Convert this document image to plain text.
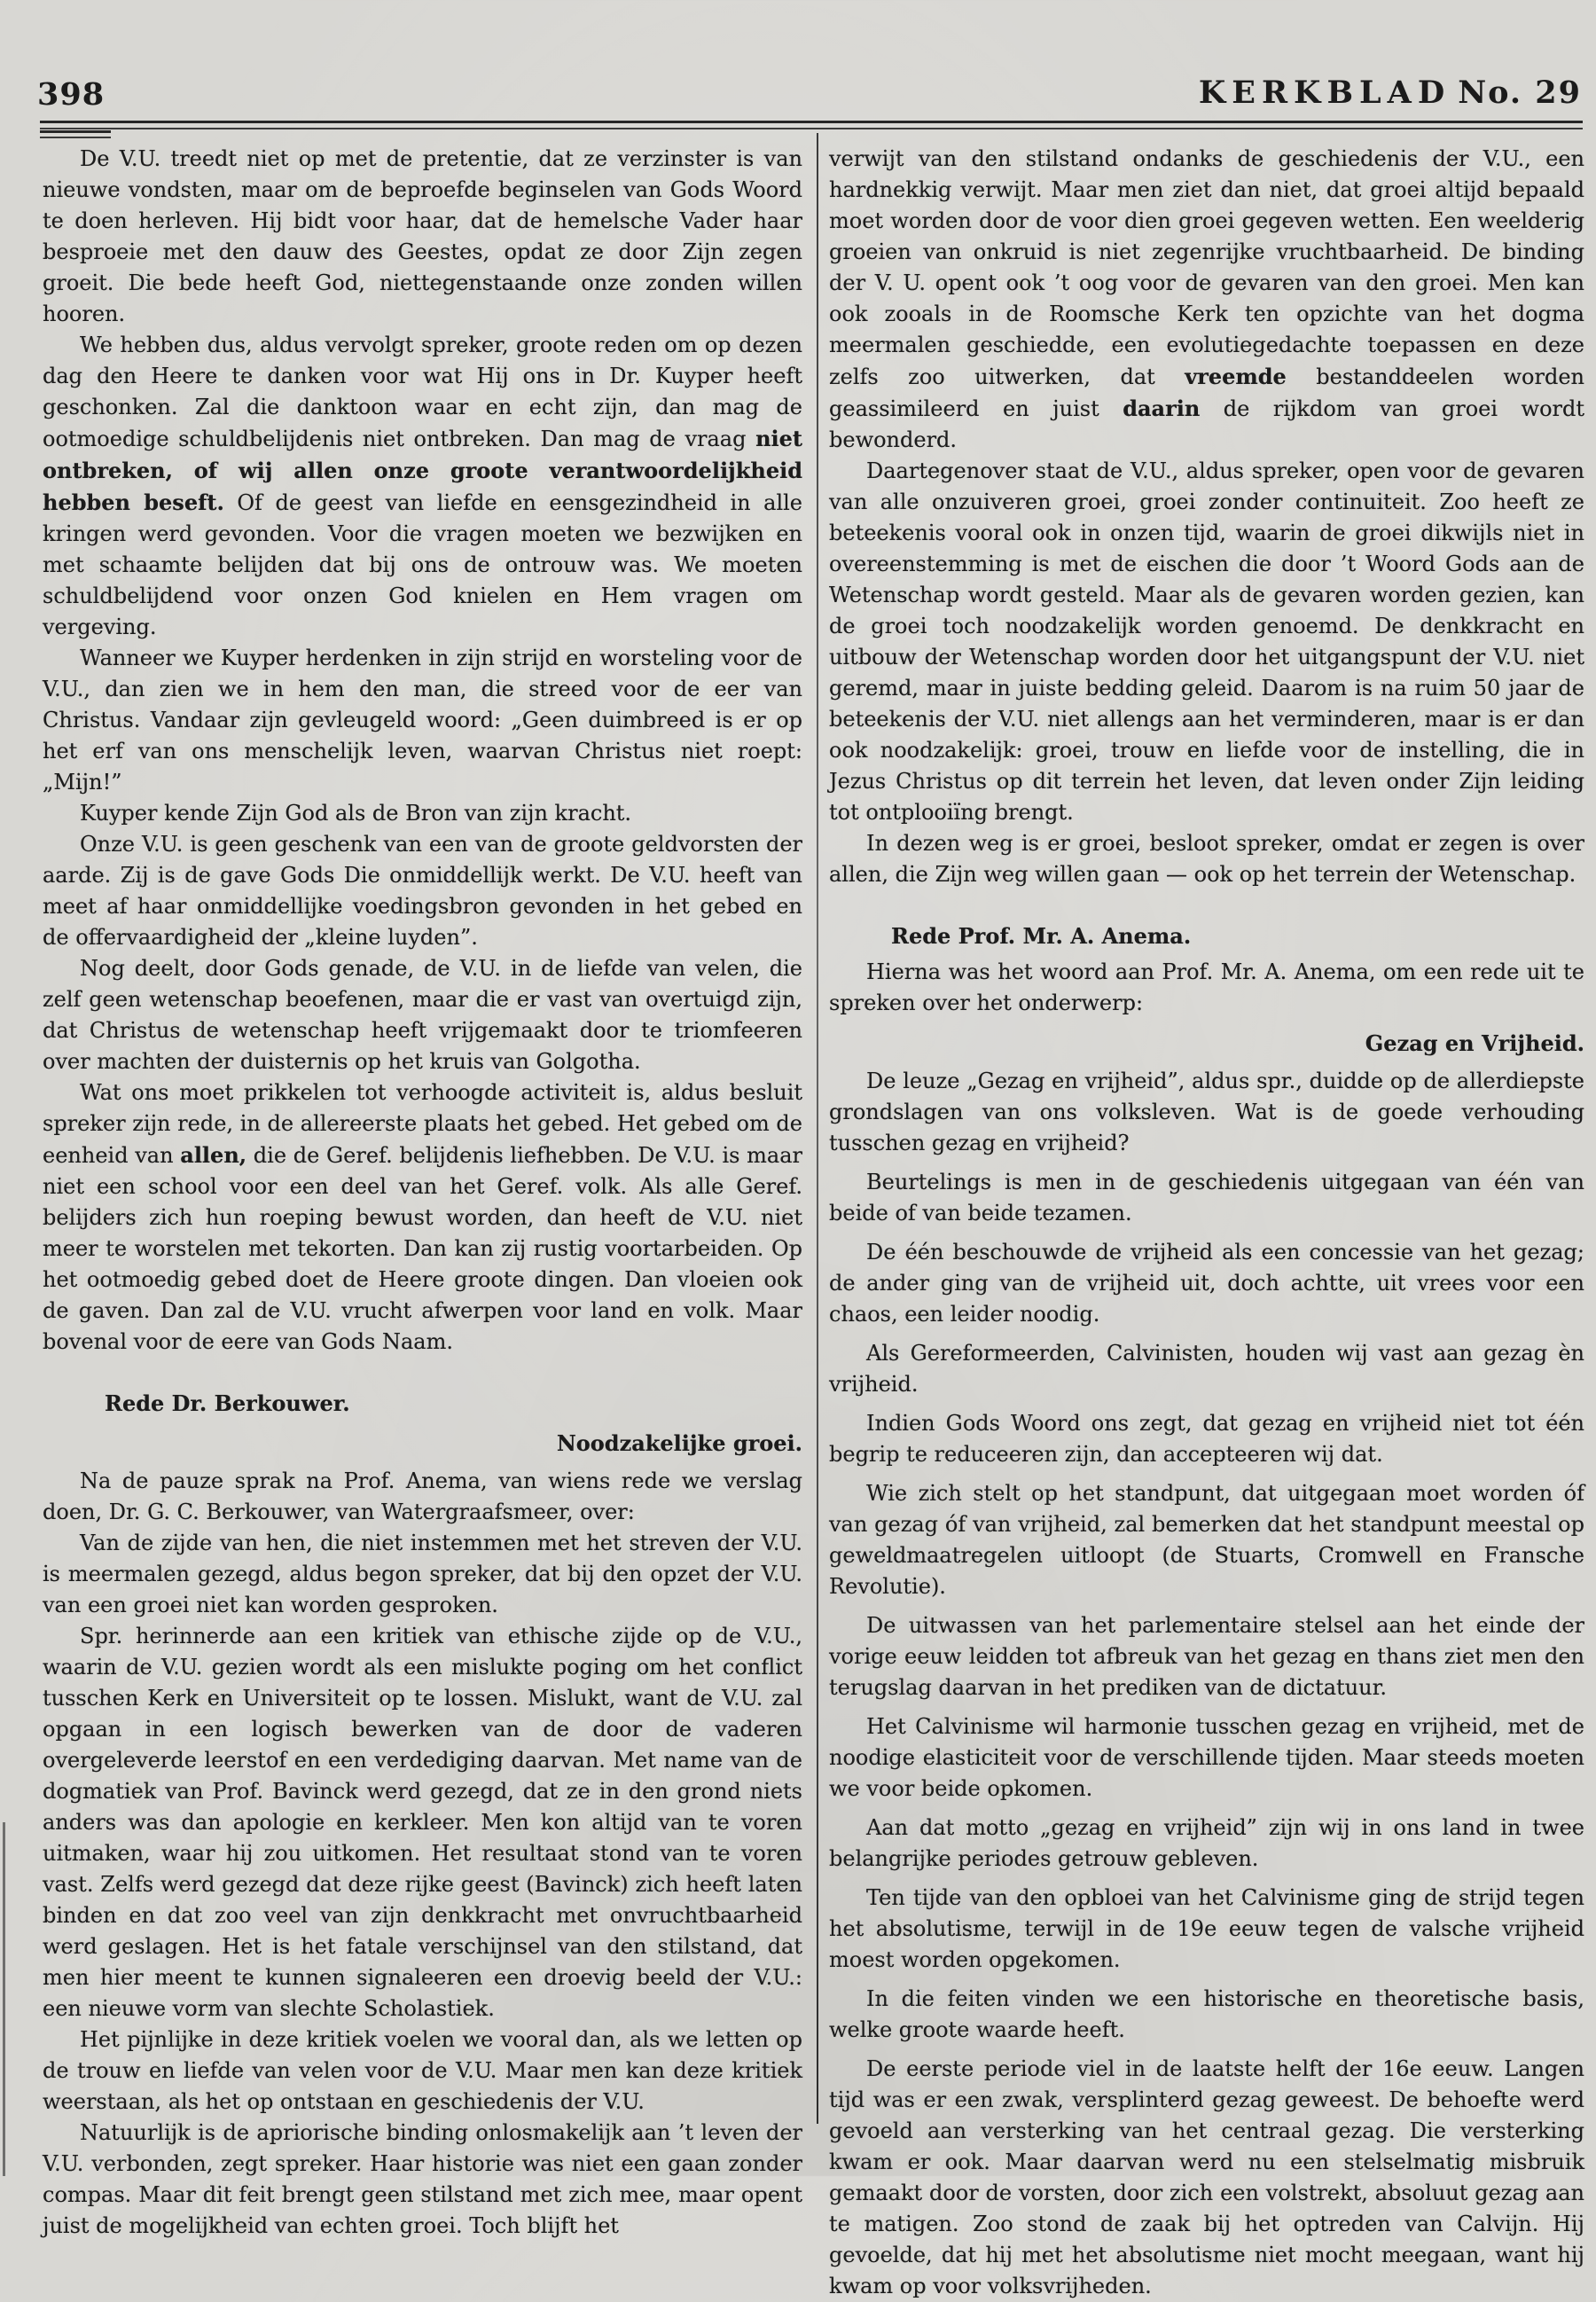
398	KERKBLAD No. 29

De V.U. treedt niet op met de pretentie, dat ze verzinster is van nieuwe vondsten, maar om de beproefde beginselen van Gods Woord te doen herleven. Hij bidt voor haar, dat de hemelsche Vader haar besproeie met den dauw des Geestes, opdat ze door Zijn zegen groeit. Die bede heeft God, niettegenstaande onze zonden willen hooren.

We hebben dus, aldus vervolgt spreker, groote reden om op dezen dag den Heere te danken voor wat Hij ons in Dr. Kuyper heeft geschonken. Zal die danktoon waar en echt zijn, dan mag de ootmoedige schuldbelijdenis niet ontbreken. Dan mag de vraag niet ontbreken, of wij allen onze groote verantwoordelijkheid hebben beseft. Of de geest van liefde en eensgezindheid in alle kringen werd gevonden. Voor die vragen moeten we bezwijken en met schaamte belijden dat bij ons de ontrouw was. We moeten schuldbelijdend voor onzen God knielen en Hem vragen om vergeving.

Wanneer we Kuyper herdenken in zijn strijd en worsteling voor de V.U., dan zien we in hem den man, die streed voor de eer van Christus. Vandaar zijn gevleugeld woord: „Geen duimbreed is er op het erf van ons menschelijk leven, waarvan Christus niet roept: „Mijn!”

Kuyper kende Zijn God als de Bron van zijn kracht.

Onze V.U. is geen geschenk van een van de groote geldvorsten der aarde. Zij is de gave Gods Die onmiddellijk werkt. De V.U. heeft van meet af haar onmiddellijke voedingsbron gevonden in het gebed en de offervaardigheid der „kleine luyden”.

Nog deelt, door Gods genade, de V.U. in de liefde van velen, die zelf geen wetenschap beoefenen, maar die er vast van overtuigd zijn, dat Christus de wetenschap heeft vrijgemaakt door te triomfeeren over machten der duisternis op het kruis van Golgotha.

Wat ons moet prikkelen tot verhoogde activiteit is, aldus besluit spreker zijn rede, in de allereerste plaats het gebed. Het gebed om de eenheid van allen, die de Geref. belijdenis liefhebben. De V.U. is maar niet een school voor een deel van het Geref. volk. Als alle Geref. belijders zich hun roeping bewust worden, dan heeft de V.U. niet meer te worstelen met tekorten. Dan kan zij rustig voortarbeiden. Op het ootmoedig gebed doet de Heere groote dingen. Dan vloeien ook de gaven. Dan zal de V.U. vrucht afwerpen voor land en volk. Maar bovenal voor de eere van Gods Naam.

Rede Dr. Berkouwer.

Noodzakelijke groei.

Na de pauze sprak na Prof. Anema, van wiens rede we verslag doen, Dr. G. C. Berkouwer, van Watergraafsmeer, over:

Van de zijde van hen, die niet instemmen met het streven der V.U. is meermalen gezegd, aldus begon spreker, dat bij den opzet der V.U. van een groei niet kan worden gesproken.

Spr. herinnerde aan een kritiek van ethische zijde op de V.U., waarin de V.U. gezien wordt als een mislukte poging om het conflict tusschen Kerk en Universiteit op te lossen. Mislukt, want de V.U. zal opgaan in een logisch bewerken van de door de vaderen overgeleverde leerstof en een verdediging daarvan. Met name van de dogmatiek van Prof. Bavinck werd gezegd, dat ze in den grond niets anders was dan apologie en kerkleer. Men kon altijd van te voren uitmaken, waar hij zou uitkomen. Het resultaat stond van te voren vast. Zelfs werd gezegd dat deze rijke geest (Bavinck) zich heeft laten binden en dat zoo veel van zijn denkkracht met onvruchtbaarheid werd geslagen. Het is het fatale verschijnsel van den stilstand, dat men hier meent te kunnen signaleeren een droevig beeld der V.U.: een nieuwe vorm van slechte Scholastiek.

Het pijnlijke in deze kritiek voelen we vooral dan, als we letten op de trouw en liefde van velen voor de V.U. Maar men kan deze kritiek weerstaan, als het op ontstaan en geschiedenis der V.U.

Natuurlijk is de apriorische binding onlosmakelijk aan ’t leven der V.U. verbonden, zegt spreker. Haar historie was niet een gaan zonder compas. Maar dit feit brengt geen stilstand met zich mee, maar opent juist de mogelijkheid van echten groei. Toch blijft het

verwijt van den stilstand ondanks de geschiedenis der V.U., een hardnekkig verwijt. Maar men ziet dan niet, dat groei altijd bepaald moet worden door de voor dien groei gegeven wetten. Een weelderig groeien van onkruid is niet zegenrijke vruchtbaarheid. De binding der V. U. opent ook ’t oog voor de gevaren van den groei. Men kan ook zooals in de Roomsche Kerk ten opzichte van het dogma meermalen geschiedde, een evolutiegedachte toepassen en deze zelfs zoo uitwerken, dat vreemde bestanddeelen worden geassimileerd en juist daarin de rijkdom van groei wordt bewonderd.

Daartegenover staat de V.U., aldus spreker, open voor de gevaren van alle onzuiveren groei, groei zonder continuiteit. Zoo heeft ze beteekenis vooral ook in onzen tijd, waarin de groei dikwijls niet in overeenstemming is met de eischen die door ’t Woord Gods aan de Wetenschap wordt gesteld. Maar als de gevaren worden gezien, kan de groei toch noodzakelijk worden genoemd. De denkkracht en uitbouw der Wetenschap worden door het uitgangspunt der V.U. niet geremd, maar in juiste bedding geleid. Daarom is na ruim 50 jaar de beteekenis der V.U. niet allengs aan het verminderen, maar is er dan ook noodzakelijk: groei, trouw en liefde voor de instelling, die in Jezus Christus op dit terrein het leven, dat leven onder Zijn leiding tot ontplooiïng brengt.

In dezen weg is er groei, besloot spreker, omdat er zegen is over allen, die Zijn weg willen gaan — ook op het terrein der Wetenschap.

Rede Prof. Mr. A. Anema.

Hierna was het woord aan Prof. Mr. A. Anema, om een rede uit te spreken over het onderwerp:

Gezag en Vrijheid.

De leuze „Gezag en vrijheid”, aldus spr., duidde op de allerdiepste grondslagen van ons volksleven. Wat is de goede verhouding tusschen gezag en vrijheid?

Beurtelings is men in de geschiedenis uitgegaan van één van beide of van beide tezamen.

De één beschouwde de vrijheid als een concessie van het gezag; de ander ging van de vrijheid uit, doch achtte, uit vrees voor een chaos, een leider noodig.

Als Gereformeerden, Calvinisten, houden wij vast aan gezag èn vrijheid.

Indien Gods Woord ons zegt, dat gezag en vrijheid niet tot één begrip te reduceeren zijn, dan accepteeren wij dat.

Wie zich stelt op het standpunt, dat uitgegaan moet worden óf van gezag óf van vrijheid, zal bemerken dat het standpunt meestal op geweldmaatregelen uitloopt (de Stuarts, Cromwell en Fransche Revolutie).

De uitwassen van het parlementaire stelsel aan het einde der vorige eeuw leidden tot afbreuk van het gezag en thans ziet men den terugslag daarvan in het prediken van de dictatuur.

Het Calvinisme wil harmonie tusschen gezag en vrijheid, met de noodige elasticiteit voor de verschillende tijden. Maar steeds moeten we voor beide opkomen.

Aan dat motto „gezag en vrijheid” zijn wij in ons land in twee belangrijke periodes getrouw gebleven.

Ten tijde van den opbloei van het Calvinisme ging de strijd tegen het absolutisme, terwijl in de 19e eeuw tegen de valsche vrijheid moest worden opgekomen.

In die feiten vinden we een historische en theoretische basis, welke groote waarde heeft.

De eerste periode viel in de laatste helft der 16e eeuw. Langen tijd was er een zwak, versplinterd gezag geweest. De behoefte werd gevoeld aan versterking van het centraal gezag. Die versterking kwam er ook. Maar daarvan werd nu een stelselmatig misbruik gemaakt door de vorsten, door zich een volstrekt, absoluut gezag aan te matigen. Zoo stond de zaak bij het optreden van Calvijn. Hij gevoelde, dat hij met het absolutisme niet mocht meegaan, want hij kwam op voor volksvrijheden.
